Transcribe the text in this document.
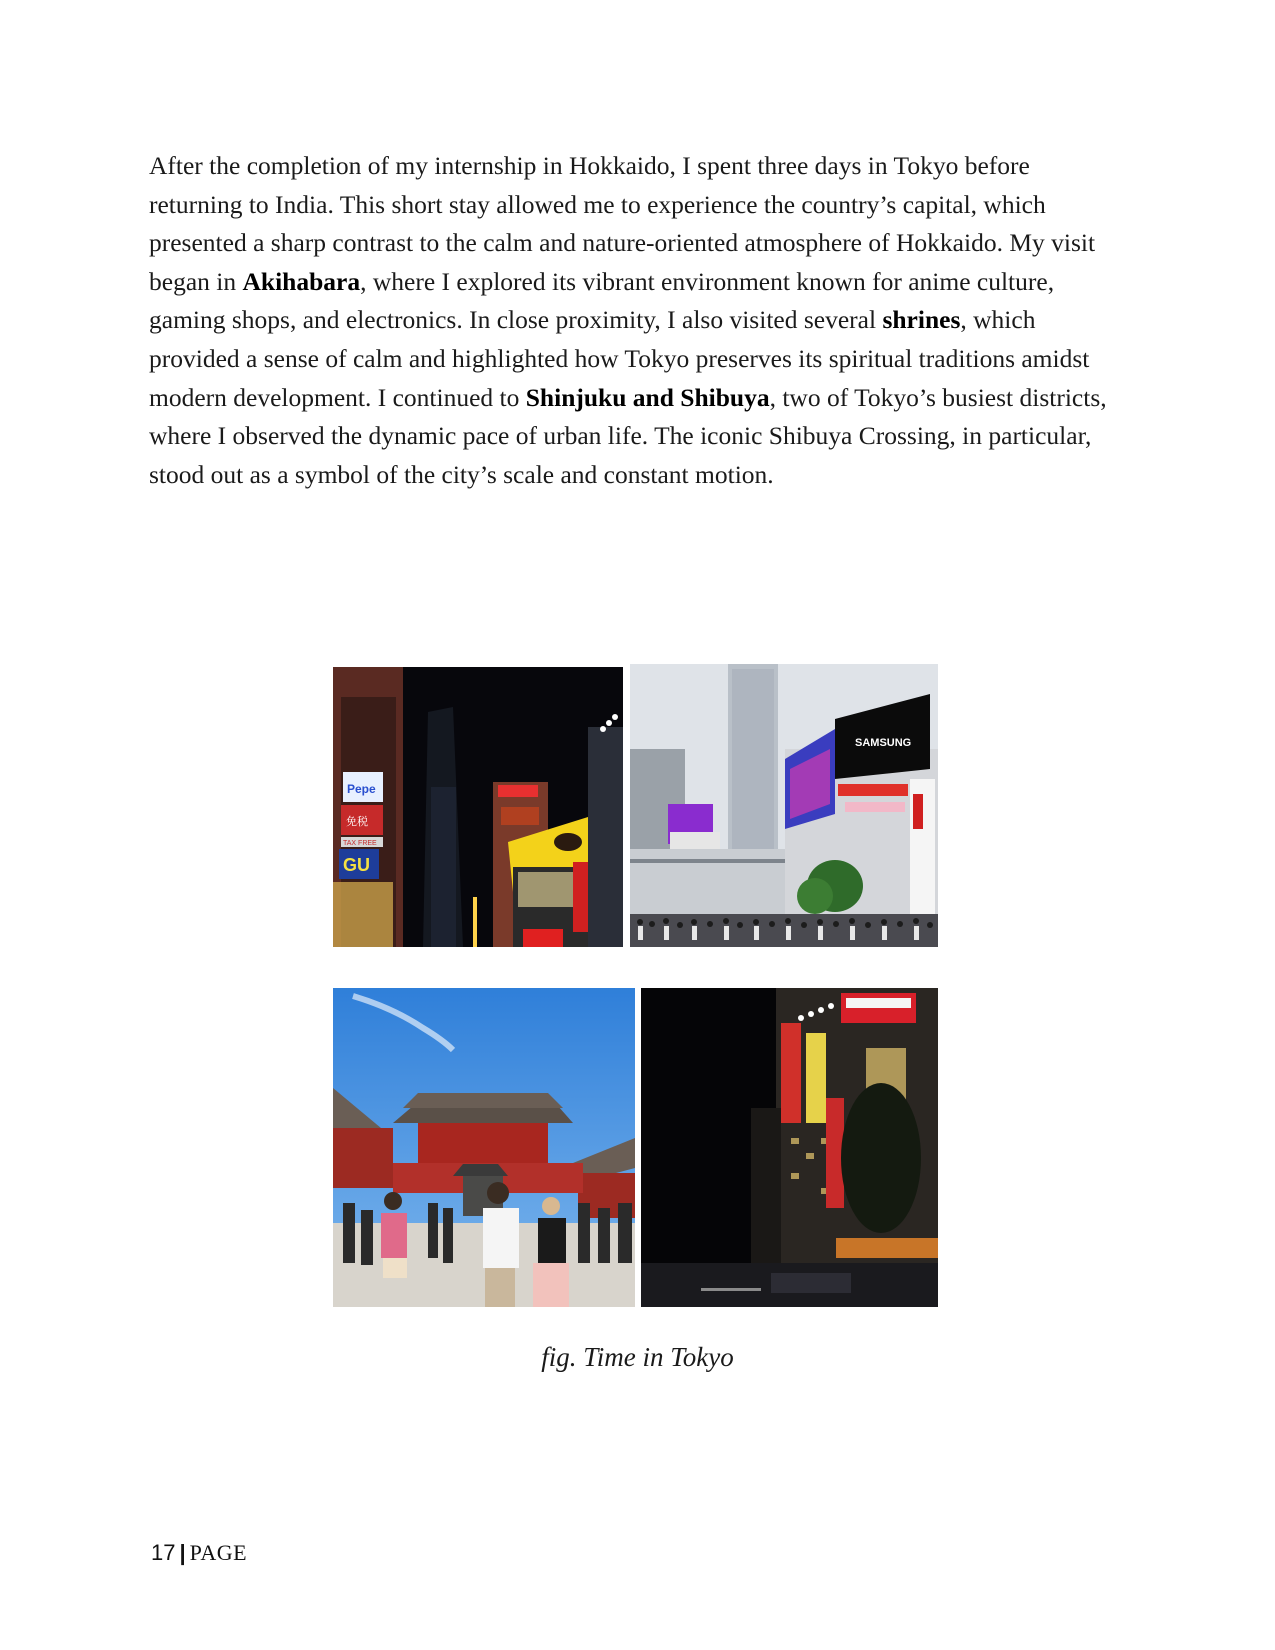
After the completion of my internship in Hokkaido, I spent three days in Tokyo before returning to India. This short stay allowed me to experience the country’s capital, which presented a sharp contrast to the calm and nature-oriented atmosphere of Hokkaido. My visit began in Akihabara, where I explored its vibrant environment known for anime culture, gaming shops, and electronics. In close proximity, I also visited several shrines, which provided a sense of calm and highlighted how Tokyo preserves its spiritual traditions amidst modern development. I continued to Shinjuku and Shibuya, two of Tokyo’s busiest districts, where I observed the dynamic pace of urban life. The iconic Shibuya Crossing, in particular, stood out as a symbol of the city’s scale and constant motion.

Pepe
免税
TAX FREE
GU
SAMSUNG
fig. Time in Tokyo
17 | PAGE
